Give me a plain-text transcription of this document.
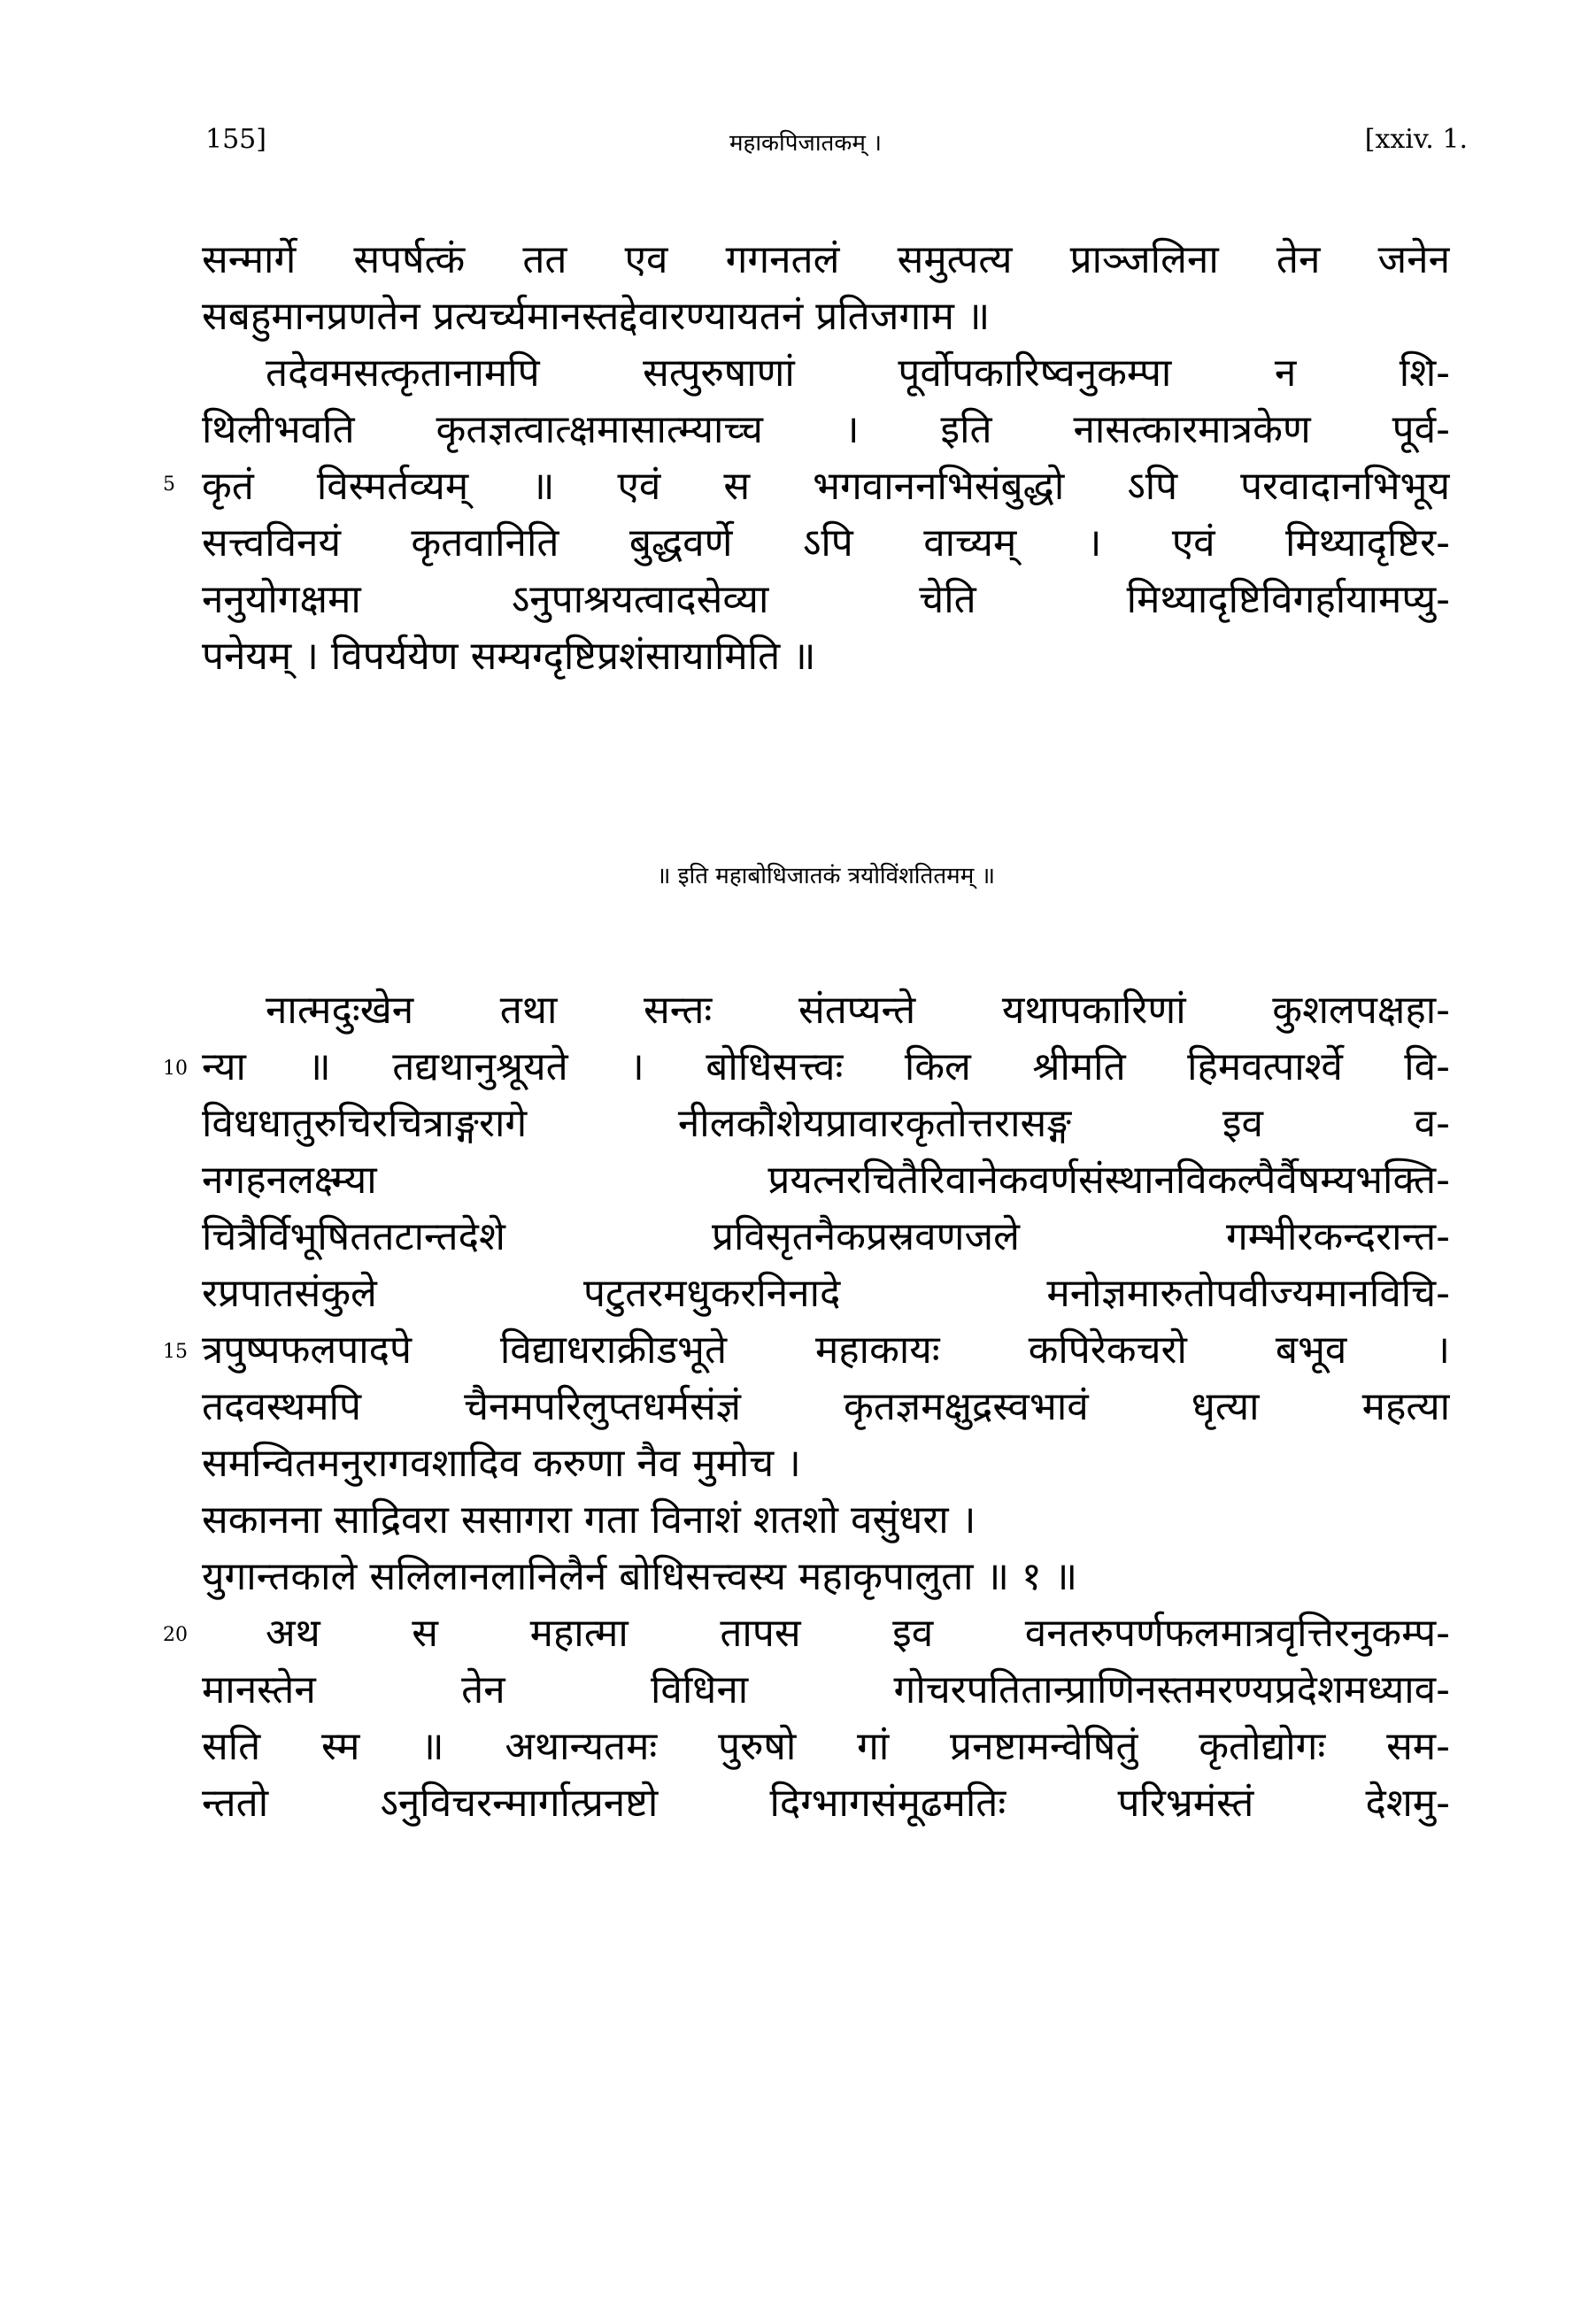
155]	महाकपिजातकम् ।	[xxiv. 1.
सन्मार्गे सपर्षत्कं तत एव गगनतलं समुत्पत्य प्राञ्जलिना तेन जनेन
सबहुमानप्रणतेन प्रत्यर्च्यमानस्तद्देवारण्यायतनं प्रतिजगाम ॥
तदेवमसत्कृतानामपि सत्पुरुषाणां पूर्वोपकारिष्वनुकम्पा न शि-
थिलीभवति कृतज्ञत्वात्क्षमासात्म्याच्च । इति नासत्कारमात्रकेण पूर्व-
कृतं विस्मर्तव्यम् ॥ एवं स भगवाननभिसंबुद्धो ऽपि परवादानभिभूय
सत्त्वविनयं कृतवानिति बुद्धवर्णे ऽपि वाच्यम् । एवं मिथ्यादृष्टिर-
ननुयोगक्षमा ऽनुपाश्रयत्वादसेव्या चेति मिथ्यादृष्टिविगर्हायामप्यु-
पनेयम् । विपर्ययेण सम्यग्दृष्टिप्रशंसायामिति ॥
5
॥ इति महाबोधिजातकं त्रयोविंशतितमम् ॥
नात्मदुःखेन तथा सन्तः संतप्यन्ते यथापकारिणां कुशलपक्षहा-
न्या ॥ तद्यथानुश्रूयते । बोधिसत्त्वः किल श्रीमति हिमवत्पार्श्वे वि-
विधधातुरुचिरचित्राङ्गरागे नीलकौशेयप्रावारकृतोत्तरासङ्ग इव व-
नगहनलक्ष्म्या प्रयत्नरचितैरिवानेकवर्णसंस्थानविकल्पैर्वैषम्यभक्ति-
चित्रैर्विभूषिततटान्तदेशे प्रविसृतनैकप्रस्रवणजले गम्भीरकन्दरान्त-
रप्रपातसंकुले पटुतरमधुकरनिनादे मनोज्ञमारुतोपवीज्यमानविचि-
त्रपुष्पफलपादपे विद्याधराक्रीडभूते महाकायः कपिरेकचरो बभूव ।
तदवस्थमपि चैनमपरिलुप्तधर्मसंज्ञं कृतज्ञमक्षुद्रस्वभावं धृत्या महत्या
समन्वितमनुरागवशादिव करुणा नैव मुमोच ।
सकानना साद्रिवरा ससागरा गता विनाशं शतशो वसुंधरा ।
युगान्तकाले सलिलानलानिलैर्न बोधिसत्त्वस्य महाकृपालुता ॥ १ ॥
अथ स महात्मा तापस इव वनतरुपर्णफलमात्रवृत्तिरनुकम्प-
मानस्तेन तेन विधिना गोचरपतितान्प्राणिनस्तमरण्यप्रदेशमध्याव-
सति स्म ॥ अथान्यतमः पुरुषो गां प्रनष्टामन्वेषितुं कृतोद्योगः सम-
न्ततो ऽनुविचरन्मार्गात्प्रनष्टो दिग्भागसंमूढमतिः परिभ्रमंस्तं देशमु-
10
15
20
